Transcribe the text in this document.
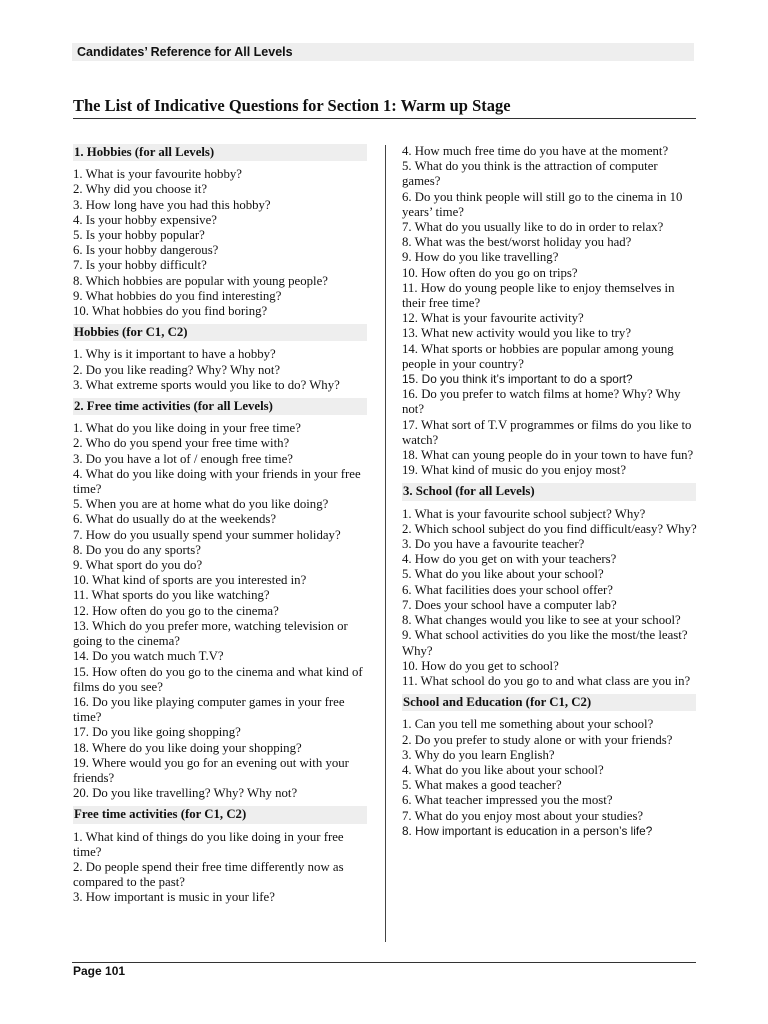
Candidates’ Reference for All Levels
The List of Indicative Questions for Section 1: Warm up Stage
1. Hobbies (for all Levels)

1. What is your favourite hobby?

2. Why did you choose it?

3. How long have you had this hobby?

4. Is your hobby expensive?

5. Is your hobby popular?

6. Is your hobby dangerous?

7. Is your hobby difficult?

8. Which hobbies are popular with young people?

9. What hobbies do you find interesting?

10. What hobbies do you find boring?

Hobbies (for C1, C2)

1. Why is it important to have a hobby?

2. Do you like reading? Why? Why not?

3. What extreme sports would you like to do? Why?

2. Free time activities (for all Levels)

1. What do you like doing in your free time?

2. Who do you spend your free time with?

3. Do you have a lot of / enough free time?

4. What do you like doing with your friends in your free time?

5. When you are at home what do you like doing?

6. What do usually do at the weekends?

7. How do you usually spend your summer holiday?

8. Do you do any sports?

9. What sport do you do?

10. What kind of sports are you interested in?

11. What sports do you like watching?

12. How often do you go to the cinema?

13. Which do you prefer more, watching television or going to the cinema?

14. Do you watch much T.V?

15. How often do you go to the cinema and what kind of films do you see?

16. Do you like playing computer games in your free time?

17. Do you like going shopping?

18. Where do you like doing your shopping?

19. Where would you go for an evening out with your friends?

20. Do you like travelling? Why? Why not?

Free time activities (for C1, C2)

1. What kind of things do you like doing in your free time?

2. Do people spend their free time differently now as compared to the past?

3. How important is music in your life?

4. How much free time do you have at the moment?

5. What do you think is the attraction of computer games?

6. Do you think people will still go to the cinema in 10 years’ time?

7. What do you usually like to do in order to relax?

8. What was the best/worst holiday you had?

9. How do you like travelling?

10. How often do you go on trips?

11. How do young people like to enjoy themselves in their free time?

12. What is your favourite activity?

13. What new activity would you like to try?

14. What sports or hobbies are popular among young people in your country?

15. Do you think it’s important to do a sport?

16. Do you prefer to watch films at home? Why? Why not?

17. What sort of T.V programmes or films do you like to watch?

18. What can young people do in your town to have fun?

19. What kind of music do you enjoy most?

3. School (for all Levels)

1. What is your favourite school subject? Why?

2. Which school subject do you find difficult/easy? Why?

3. Do you have a favourite teacher?

4. How do you get on with your teachers?

5. What do you like about your school?

6. What facilities does your school offer?

7. Does your school have a computer lab?

8. What changes would you like to see at your school?

9. What school activities do you like the most/the least? Why?

10. How do you get to school?

11. What school do you go to and what class are you in?

School and Education (for C1, C2)

1. Can you tell me something about your school?

2. Do you prefer to study alone or with your friends?

3. Why do you learn English?

4. What do you like about your school?

5. What makes a good teacher?

6. What teacher impressed you the most?

7. What do you enjoy most about your studies?

8. How important is education in a person’s life?

Page 101
